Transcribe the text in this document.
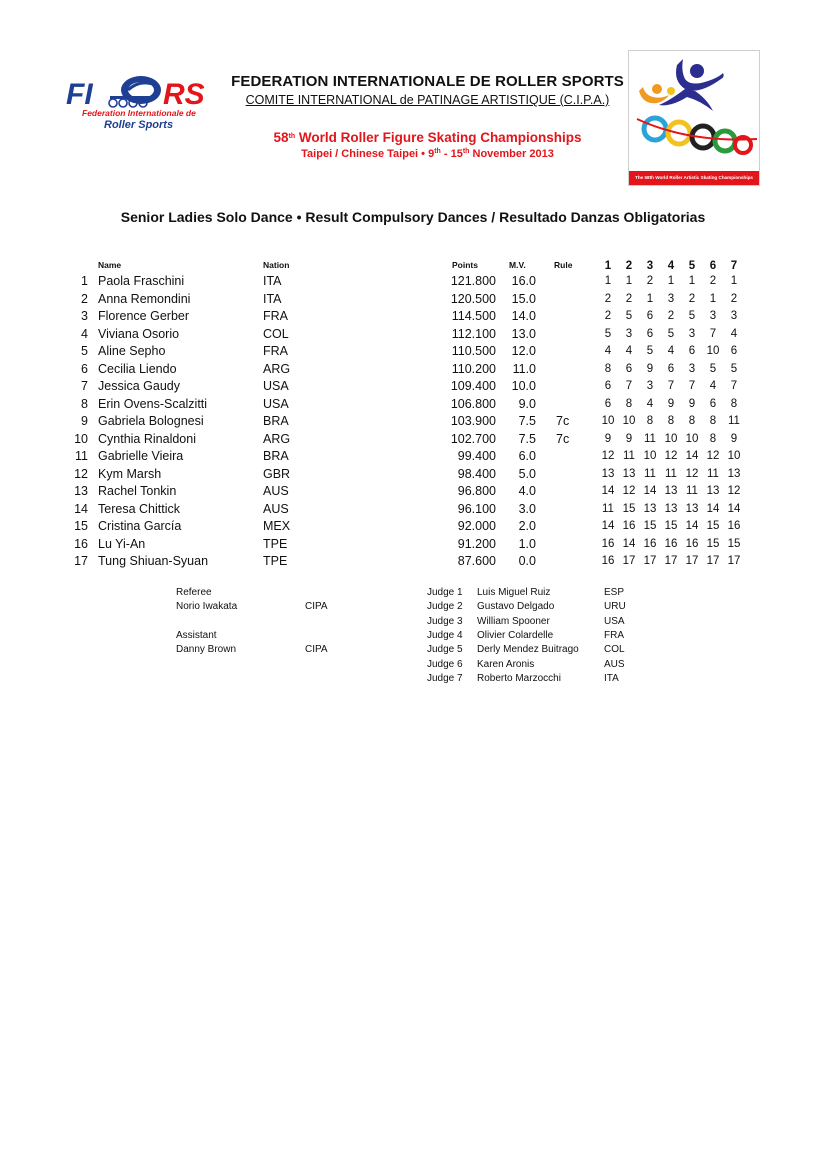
FI RS
Federation Internationale de
Roller Sports
FEDERATION INTERNATIONALE DE ROLLER SPORTS
COMITE INTERNATIONAL de PATINAGE ARTISTIQUE (C.I.P.A.)
58th World Roller Figure Skating Championships
Taipei / Chinese Taipei • 9th - 15th November 2013
The 58th World Roller Artistic Skating Championships
Senior Ladies Solo Dance • Result Compulsory Dances / Resultado Danzas Obligatorias
Name	Nation	Points	M.V.	Rule	1	2	3	4	5	6	7
1 Paola Fraschini	ITA	121.800 16.0	1	1	2	1	1	2	1
2 Anna Remondini	ITA	120.500 15.0	2	2	1	3	2	1	2
3 Florence Gerber	FRA	114.500 14.0	2	5	6	2	5	3	3
4 Viviana Osorio	COL	112.100 13.0	5	3	6	5	3	7	4
5 Aline Sepho	FRA	110.500 12.0	4	4	5	4	6 10 6
6 Cecilia Liendo	ARG	110.200	11.0	8	6	9	6	3	5	5
7 Jessica Gaudy	USA	109.400 10.0	6	7	3	7	7	4	7
8 Erin Ovens-Scalzitti	USA	106.800	9.0	6	8	4	9	9	6	8
9 Gabriela Bolognesi	BRA	103.900	7.5 7c	10 10 8	8	8	8	11
10 Cynthia Rinaldoni	ARG	102.700	7.5 7c	9	9	11 10 10 8	9
11 Gabrielle Vieira	BRA	99.400	6.0	12 11 10 12 14 12 10
12 Kym Marsh	GBR	98.400	5.0	13 13 11 11 12 11 13
13 Rachel Tonkin	AUS	96.800	4.0	14 12 14 13 11 13 12
14 Teresa Chittick	AUS	96.100	3.0	11 15 13 13 13 14 14
15 Cristina García	MEX	92.000	2.0	14 16 15 15 14 15 16
16 Lu Yi-An	TPE	91.200	1.0	16 14 16 16 16 15 15
17 Tung Shiuan-Syuan	TPE	87.600	0.0	16 17 17 17 17 17 17
Referee
Norio Iwakata	CIPA
Assistant
Danny Brown	CIPA
Judge 1 Luis Miguel Ruiz	ESP
Judge 2 Gustavo Delgado	URU
Judge 3 William Spooner	USA
Judge 4 Olivier Colardelle	FRA
Judge 5 Derly Mendez Buitrago	COL
Judge 6 Karen Aronis	AUS
Judge 7 Roberto Marzocchi	ITA
